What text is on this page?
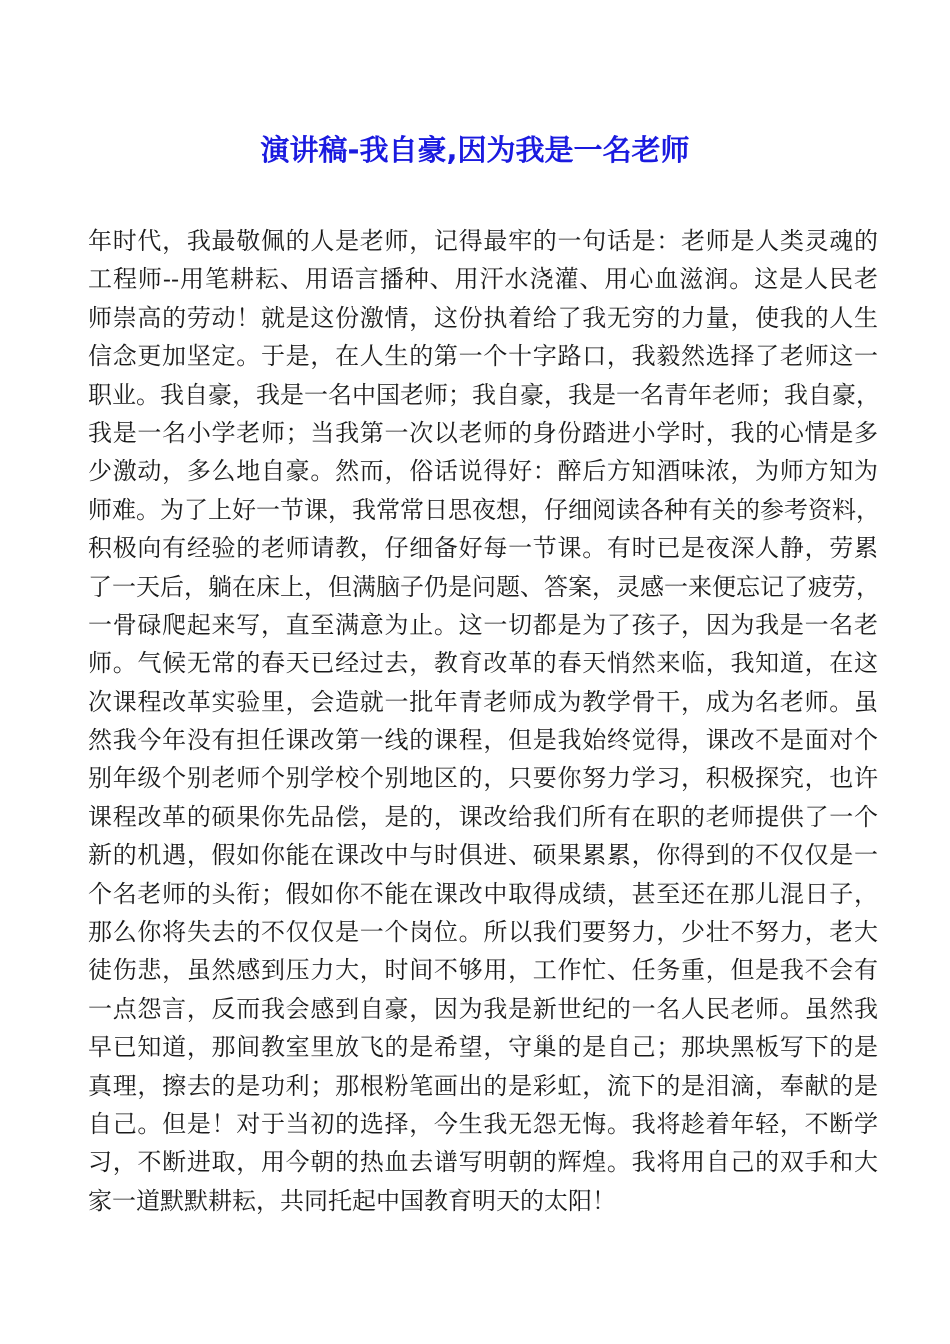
演讲稿-我自豪,因为我是一名老师
年时代，我最敬佩的人是老师，记得最牢的一句话是：老师是人类灵魂的
工程师--用笔耕耘、用语言播种、用汗水浇灌、用心血滋润。这是人民老
师崇高的劳动！就是这份激情，这份执着给了我无穷的力量，使我的人生
信念更加坚定。于是，在人生的第一个十字路口，我毅然选择了老师这一
职业。我自豪，我是一名中国老师；我自豪，我是一名青年老师；我自豪，
我是一名小学老师；当我第一次以老师的身份踏进小学时，我的心情是多
少激动，多么地自豪。然而，俗话说得好：醉后方知酒味浓，为师方知为
师难。为了上好一节课，我常常日思夜想，仔细阅读各种有关的参考资料，
积极向有经验的老师请教，仔细备好每一节课。有时已是夜深人静，劳累
了一天后，躺在床上，但满脑子仍是问题、答案，灵感一来便忘记了疲劳，
一骨碌爬起来写，直至满意为止。这一切都是为了孩子，因为我是一名老
师。气候无常的春天已经过去，教育改革的春天悄然来临，我知道，在这
次课程改革实验里，会造就一批年青老师成为教学骨干，成为名老师。虽
然我今年没有担任课改第一线的课程，但是我始终觉得，课改不是面对个
别年级个别老师个别学校个别地区的，只要你努力学习，积极探究，也许
课程改革的硕果你先品偿，是的，课改给我们所有在职的老师提供了一个
新的机遇，假如你能在课改中与时俱进、硕果累累，你得到的不仅仅是一
个名老师的头衔；假如你不能在课改中取得成绩，甚至还在那儿混日子，
那么你将失去的不仅仅是一个岗位。所以我们要努力，少壮不努力，老大
徒伤悲，虽然感到压力大，时间不够用，工作忙、任务重，但是我不会有
一点怨言，反而我会感到自豪，因为我是新世纪的一名人民老师。虽然我
早已知道，那间教室里放飞的是希望，守巢的是自己；那块黑板写下的是
真理，擦去的是功利；那根粉笔画出的是彩虹，流下的是泪滴，奉献的是
自己。但是！对于当初的选择，今生我无怨无悔。我将趁着年轻，不断学
习，不断进取，用今朝的热血去谱写明朝的辉煌。我将用自己的双手和大
家一道默默耕耘，共同托起中国教育明天的太阳！
